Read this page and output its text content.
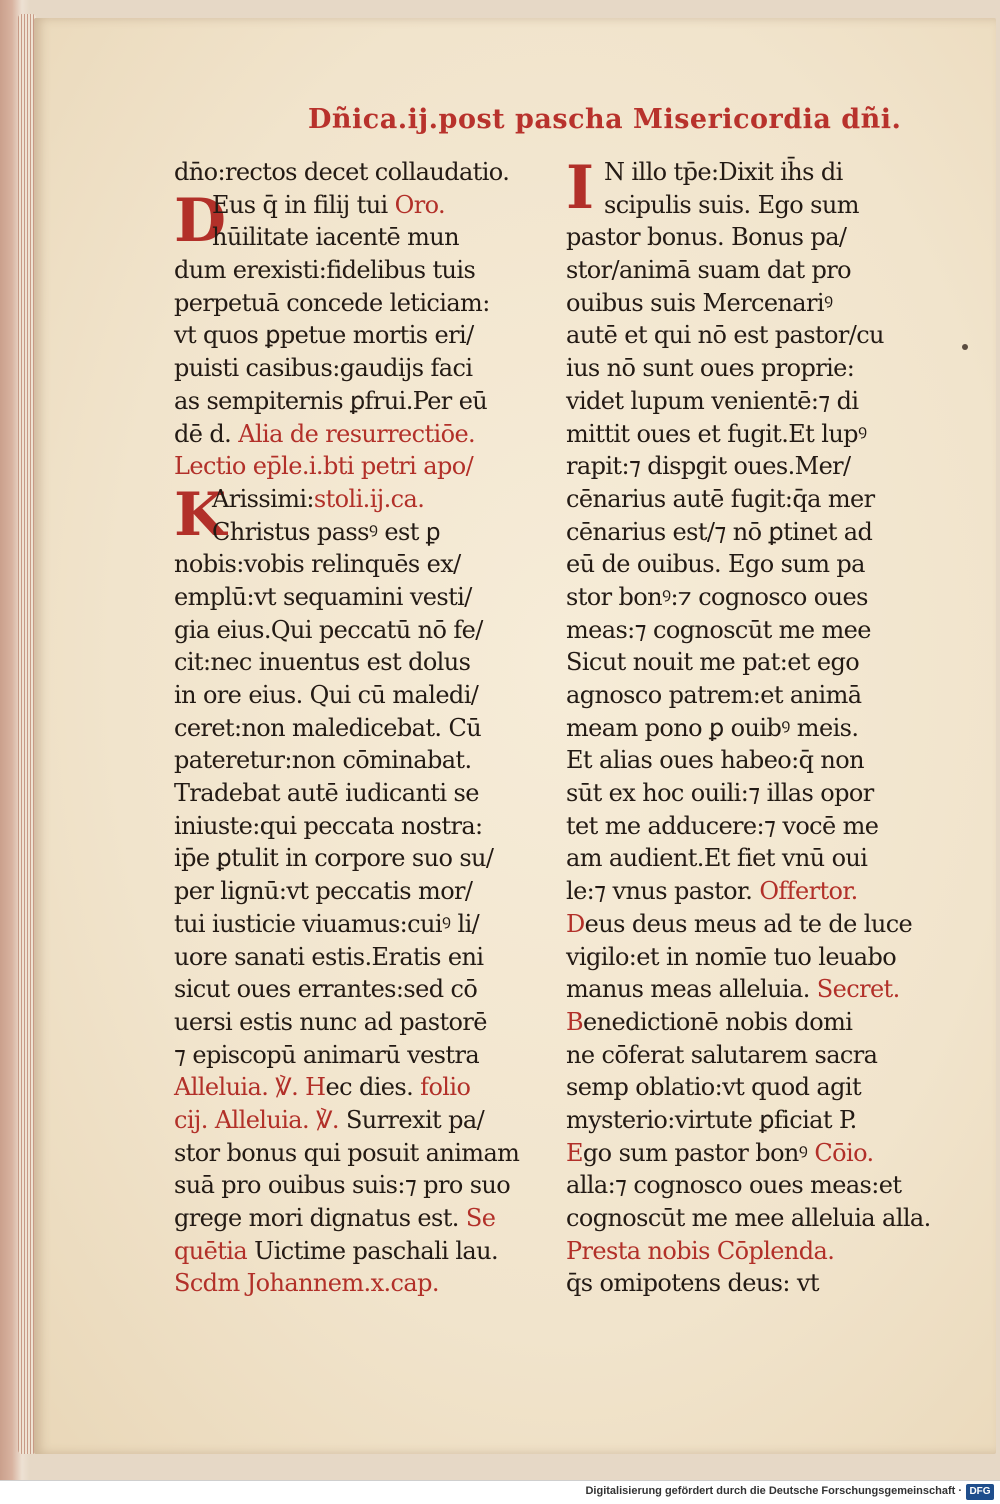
Dñica.ij.post pascha Misericordia dñi.
dn̄o:rectos decet collaudatio.
D
Eus q̄ in filij tui Oro.
hūilitate iacentē mun
dum erexisti:fidelibus tuis
perpetuā concede leticiam:
vt quos ꝑpetue mortis eri/
puisti casibus:gaudijs faci
as sempiternis ꝑfrui.Per eū
dē d. Alia de resurrectiōe.
Lectio ep̄le.i.bti petri apo/
K
Arissimi:stoli.ij.ca.
Christus passꝰ est ꝑ
nobis:vobis relinquēs ex/
emplū:vt sequamini vesti/
gia eius.Qui peccatū nō fe/
cit:nec inuentus est dolus
in ore eius. Qui cū maledi/
ceret:non maledicebat. Cū
pateretur:non cōminabat.
Tradebat autē iudicanti se
iniuste:qui peccata nostra:
ip̄e ꝑtulit in corpore suo su/
per lignū:vt peccatis mor/
tui iusticie viuamus:cuiꝰ li/
uore sanati estis.Eratis eni
sicut oues errantes:sed cō
uersi estis nunc ad pastorē
⁊ episcopū animarū vestra
Alleluia. ℣. Hec dies. folio
cij. Alleluia. ℣. Surrexit pa/
stor bonus qui posuit animam
suā pro ouibus suis:⁊ pro suo
grege mori dignatus est. Se
quētia Uictime paschali lau.
Scdm Johannem.x.cap.
I N illo tp̄e:Dixit ih̄s di
scipulis suis. Ego sum
pastor bonus. Bonus pa/
stor/animā suam dat pro
ouibus suis Mercenariꝰ
autē et qui nō est pastor/cu
ius nō sunt oues proprie:
videt lupum venientē:⁊ di
mittit oues et fugit.Et lupꝰ
rapit:⁊ dispgit oues.Mer/
cēnarius autē fugit:q̄a mer
cēnarius est/⁊ nō ꝑtinet ad
eū de ouibus. Ego sum pa
stor bonꝰ:⁊ cognosco oues
meas:⁊ cognoscūt me mee
Sicut nouit me pat:et ego
agnosco patrem:et animā
meam pono ꝑ ouibꝰ meis.
Et alias oues habeo:q̄ non
sūt ex hoc ouili:⁊ illas opor
tet me adducere:⁊ vocē me
am audient.Et fiet vnū oui
le:⁊ vnus pastor. Offertor.
Deus deus meus ad te de luce
vigilo:et in nomīe tuo leuabo
manus meas alleluia. Secret.
Benedictionē nobis domi
ne cōferat salutarem sacra
semp oblatio:vt quod agit
mysterio:virtute ꝑficiat P.
Ego sum pastor bonꝰ Cōio.
alla:⁊ cognosco oues meas:et
cognoscūt me mee alleluia alla.
Presta nobis Cōplenda.
q̄s omipotens deus: vt
Digitalisierung gefördert durch die Deutsche Forschungsgemeinschaft · DFG
